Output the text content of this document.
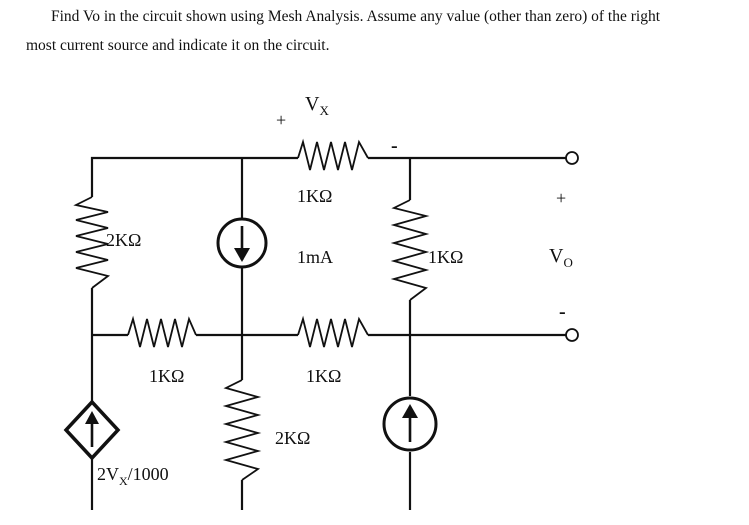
Find Vo in the circuit shown using Mesh Analysis. Assume any value (other than zero) of the right
most current source and indicate it on the circuit.
+
$V_X$
-
1KΩ
2KΩ
1mA	1KΩ
+
$V_O$
-
1KΩ	1KΩ
2KΩ
$2V_X/1000$
